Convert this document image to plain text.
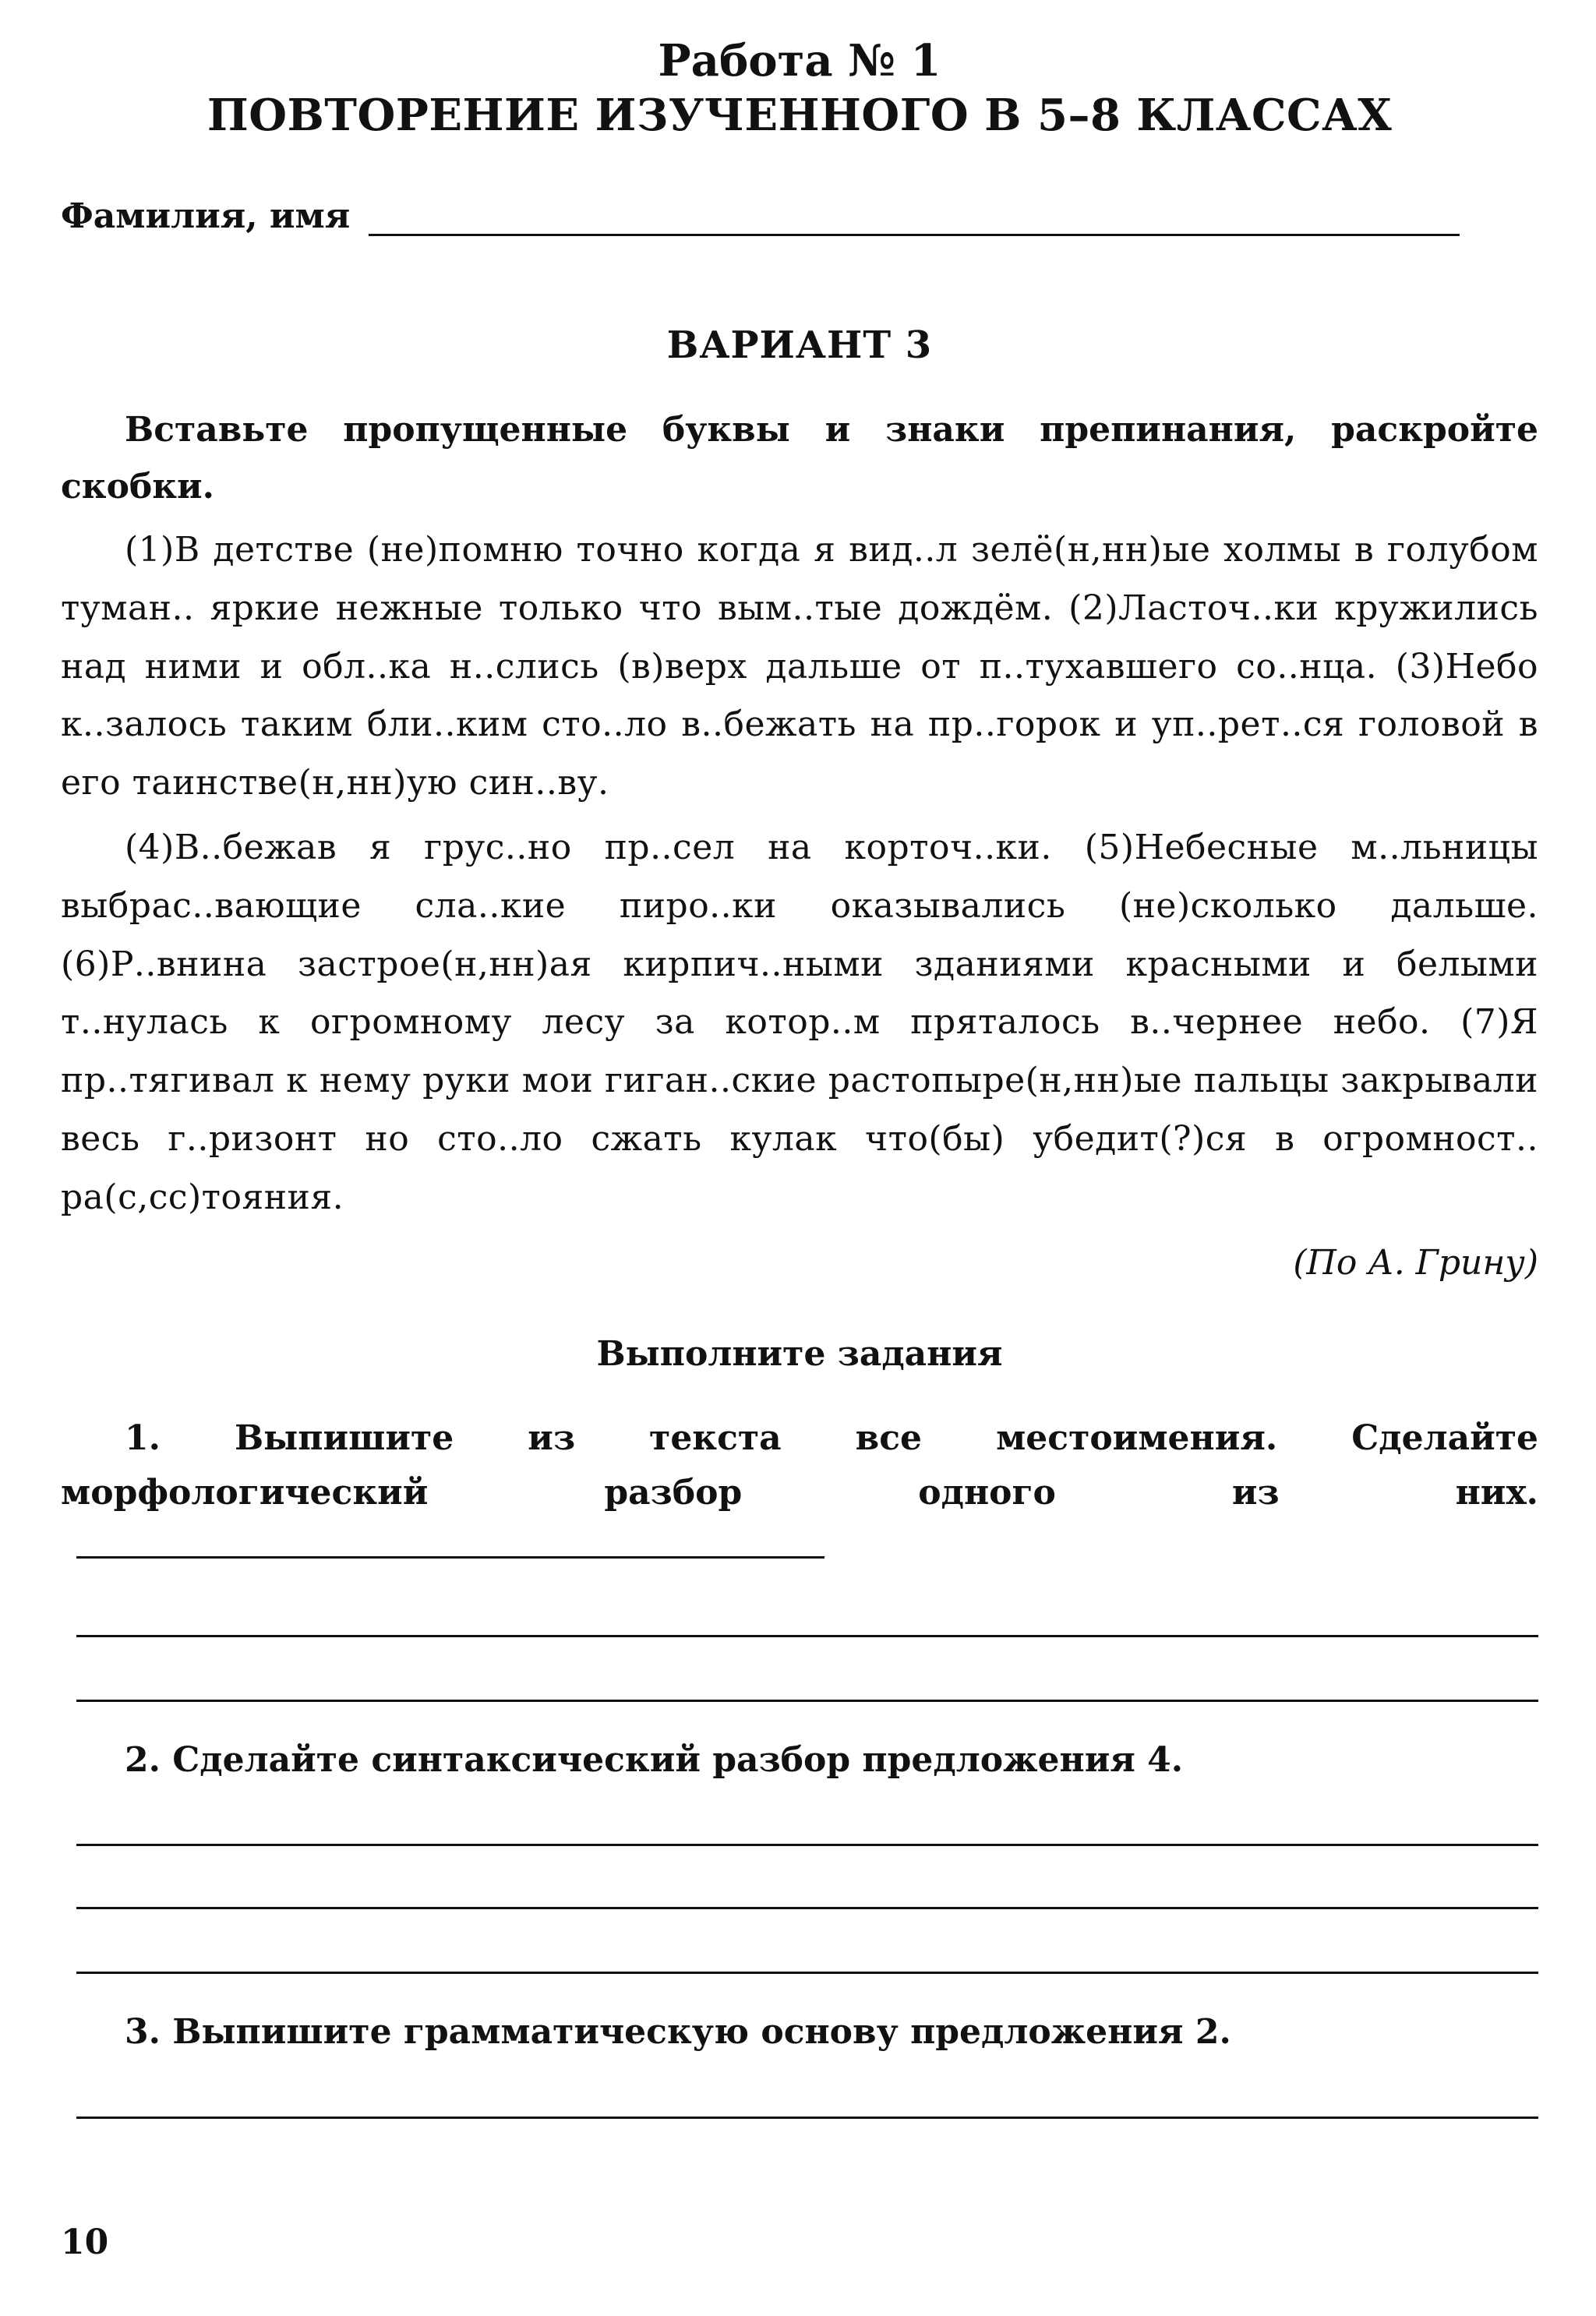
Работа № 1
ПОВТОРЕНИЕ ИЗУЧЕННОГО В 5–8 КЛАССАХ
Фамилия, имя
ВАРИАНТ 3
Вставьте пропущенные буквы и знаки препинания, раскройте скобки.

(1)В детстве (не)помню точно когда я вид..л зелё(н,нн)ые холмы в голубом туман.. яркие нежные только что вым..тые дождём. (2)Ласточ..ки кружились над ними и обл..ка н..слись (в)верх дальше от п..тухавшего со..нца. (3)Небо к..залось таким бли..ким сто..ло в..бежать на пр..горок и уп..рет..ся головой в его таинстве(н,нн)ую син..ву.

(4)В..бежав я грус..но пр..сел на корточ..ки. (5)Небесные м..льницы выбрас..вающие сла..кие пиро..ки оказывались (не)сколько дальше. (6)Р..внина застрое(н,нн)ая кирпич..ными зданиями красными и белыми т..нулась к огромному лесу за котор..м пряталось в..чернее небо. (7)Я пр..тягивал к нему руки мои гиган..ские растопыре(н,нн)ые пальцы закрывали весь г..ризонт но сто..ло сжать кулак что(бы) убедит(?)ся в огромност.. ра(с,сс)тояния.

(По А. Грину)
Выполните задания
1. Выпишите из текста все местоимения. Сделайте морфологический разбор одного из них.
2. Сделайте синтаксический разбор предложения 4.
3. Выпишите грамматическую основу предложения 2.
10
